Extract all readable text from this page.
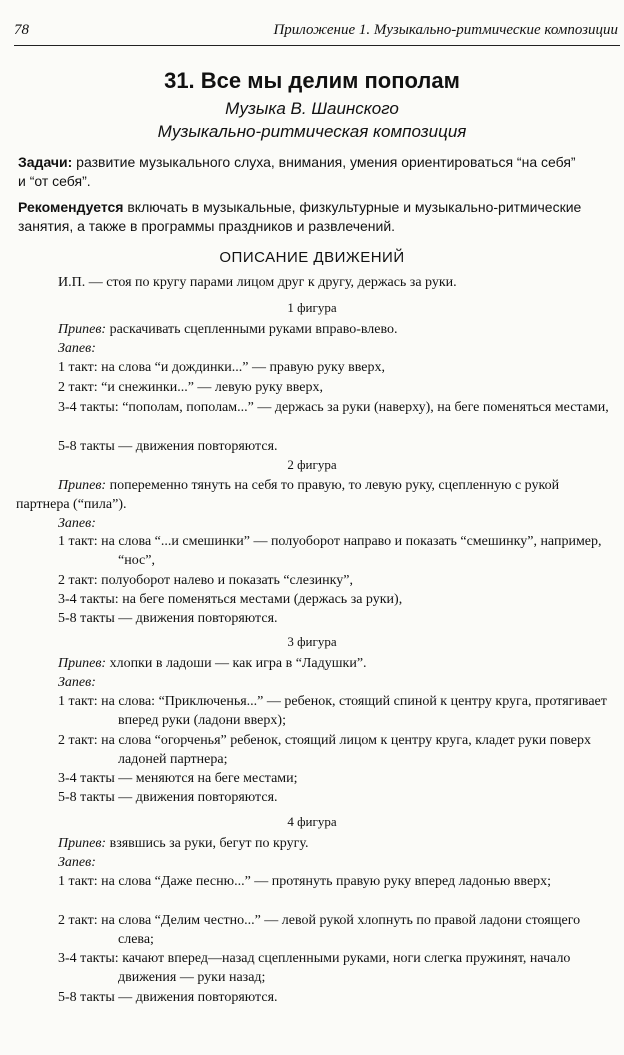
78	Приложение 1. Музыкально-ритмические композиции
31. Все мы делим пополам
Музыка В. Шаинского
Музыкально-ритмическая композиция
Задачи: развитие музыкального слуха, внимания, умения ориентироваться “на себя”
и “от себя”.
Рекомендуется включать в музыкальные, физкультурные и музыкально-ритмические
занятия, а также в программы праздников и развлечений.
ОПИСАНИЕ ДВИЖЕНИЙ
И.П. — стоя по кругу парами лицом друг к другу, держась за руки.
1 фигура
Припев: раскачивать сцепленными руками вправо-влево.
Запев:
1 такт: на слова “и дождинки...” — правую руку вверх,
2 такт: “и снежинки...” — левую руку вверх,
3-4 такты: “пополам, пополам...” — держась за руки (наверху), на беге поменяться местами,
5-8 такты — движения повторяются.
2 фигура
Припев: попеременно тянуть на себя то правую, то левую руку, сцепленную с рукой партнера (“пила”).
Запев:
1 такт: на слова “...и смешинки” — полуоборот направо и показать “смешинку”, например, “нос”,
2 такт: полуоборот налево и показать “слезинку”,
3-4 такты: на беге поменяться местами (держась за руки),
5-8 такты — движения повторяются.
3 фигура
Припев: хлопки в ладоши — как игра в “Ладушки”.
Запев:
1 такт: на слова: “Приключенья...” — ребенок, стоящий спиной к центру круга, протягивает вперед руки (ладони вверх);
2 такт: на слова “огорченья” ребенок, стоящий лицом к центру круга, кладет руки поверх ладоней партнера;
3-4 такты — меняются на беге местами;
5-8 такты — движения повторяются.
4 фигура
Припев: взявшись за руки, бегут по кругу.
Запев:
1 такт: на слова “Даже песню...” — протянуть правую руку вперед ладонью вверх;
2 такт: на слова “Делим честно...” — левой рукой хлопнуть по правой ладони стоящего слева;
3-4 такты: качают вперед—назад сцепленными руками, ноги слегка пружинят, начало движения — руки назад;
5-8 такты — движения повторяются.
